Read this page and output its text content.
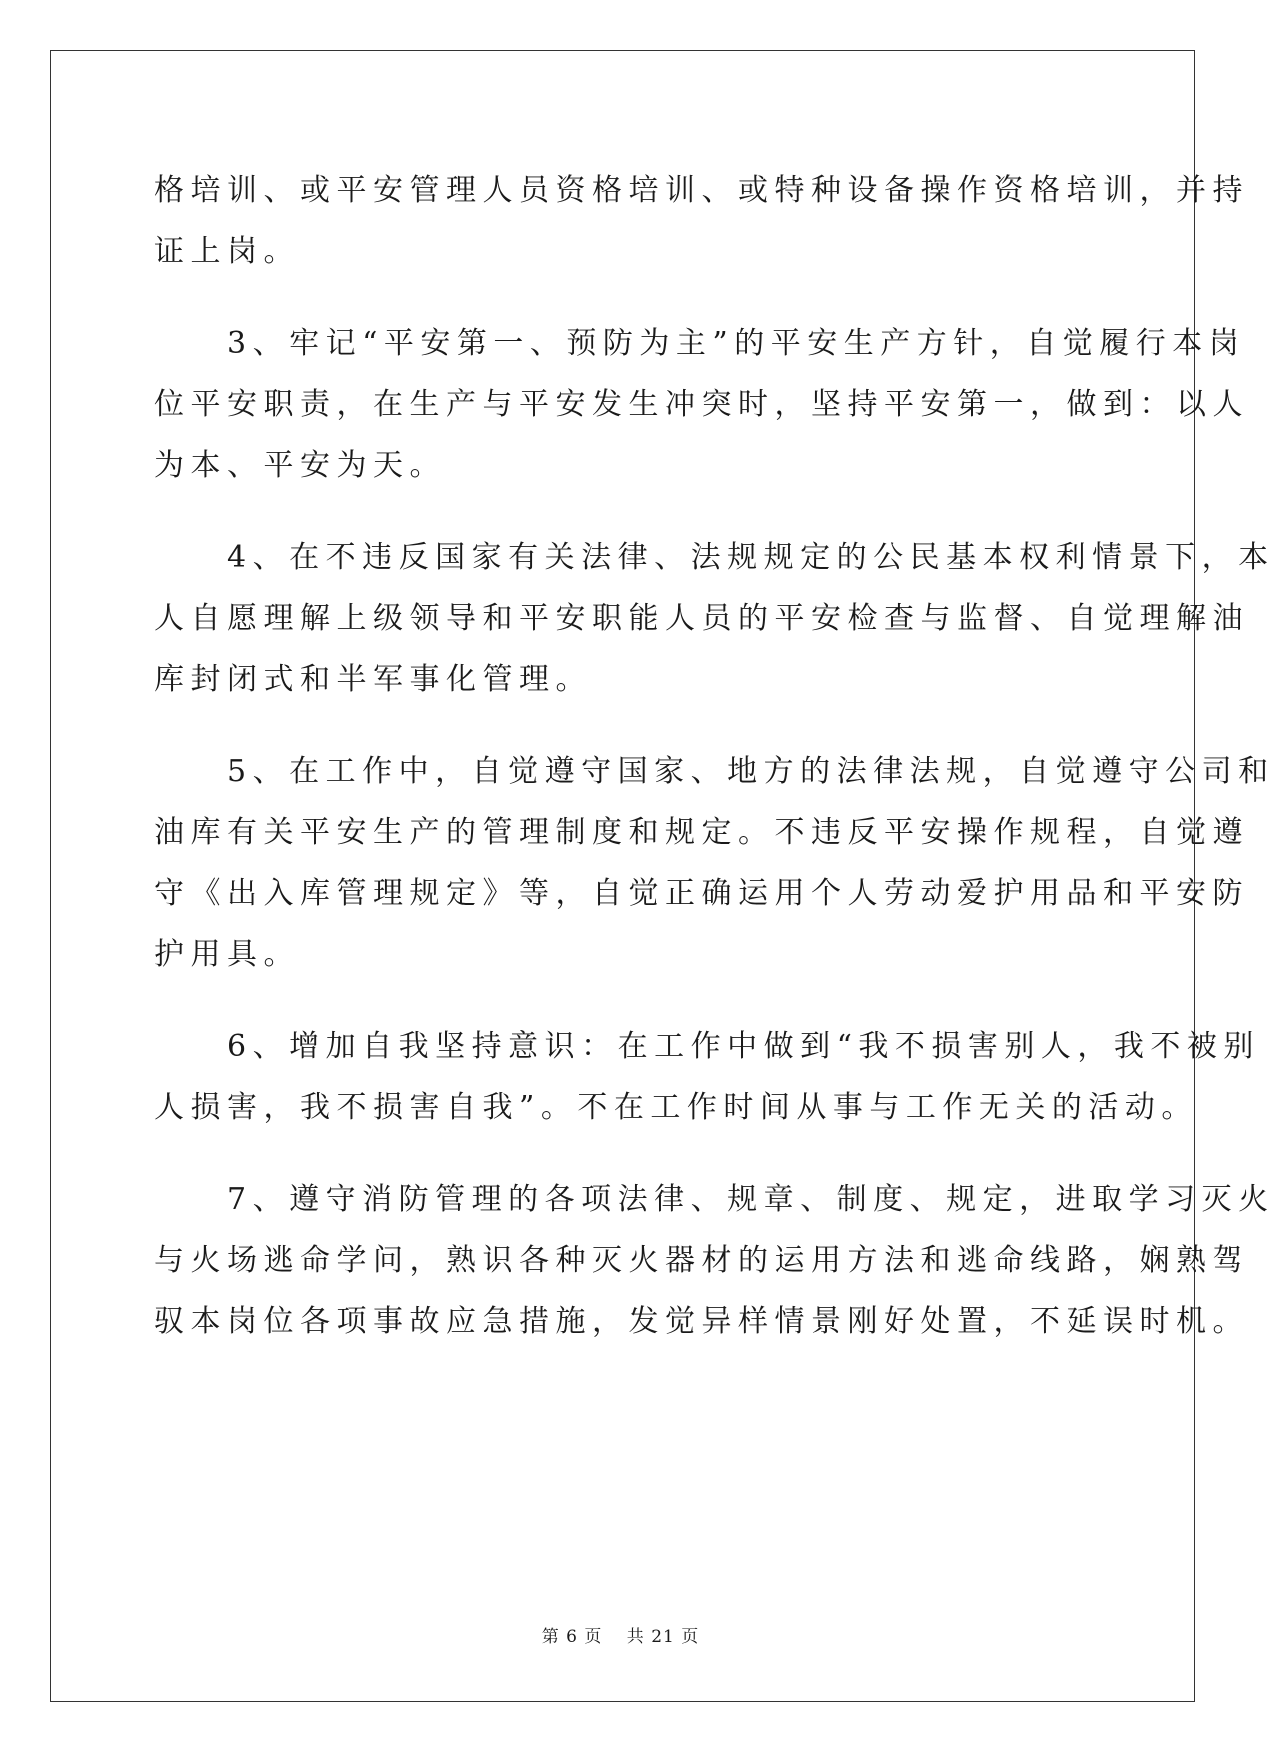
格培训、或平安管理人员资格培训、或特种设备操作资格培训，并持
证上岗。
　　3、牢记“平安第一、预防为主”的平安生产方针，自觉履行本岗
位平安职责，在生产与平安发生冲突时，坚持平安第一，做到：以人
为本、平安为天。
　　4、在不违反国家有关法律、法规规定的公民基本权利情景下，本
人自愿理解上级领导和平安职能人员的平安检查与监督、自觉理解油
库封闭式和半军事化管理。
　　5、在工作中，自觉遵守国家、地方的法律法规，自觉遵守公司和
油库有关平安生产的管理制度和规定。不违反平安操作规程，自觉遵
守《出入库管理规定》等，自觉正确运用个人劳动爱护用品和平安防
护用具。
　　6、增加自我坚持意识：在工作中做到“我不损害别人，我不被别
人损害，我不损害自我”。不在工作时间从事与工作无关的活动。
　　7、遵守消防管理的各项法律、规章、制度、规定，进取学习灭火
与火场逃命学问，熟识各种灭火器材的运用方法和逃命线路，娴熟驾
驭本岗位各项事故应急措施，发觉异样情景刚好处置，不延误时机。
第 6 页　 共 21 页
